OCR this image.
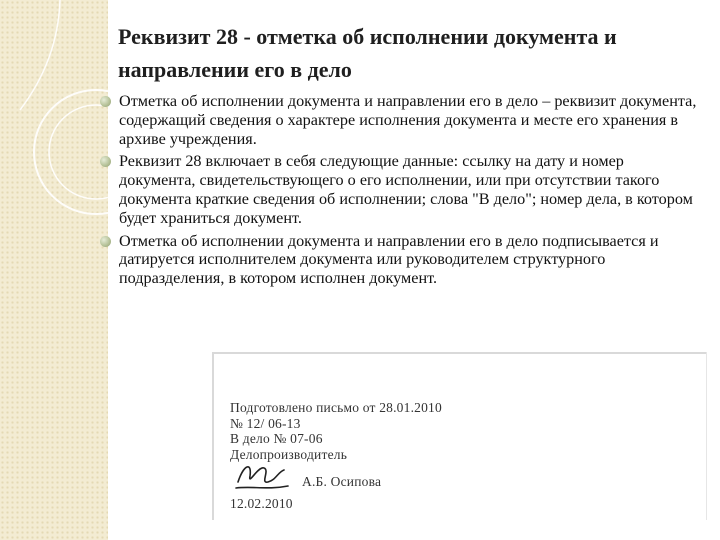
Реквизит 28 - отметка об исполнении документа и направлении его в дело
Отметка об исполнении документа и направлении его в дело – реквизит документа, содержащий сведения о характере исполнения документа и месте его хранения в архиве учреждения.
Реквизит 28 включает в себя следующие данные: ссылку на дату и номер документа, свидетельствующего о его исполнении, или при отсутствии такого документа краткие сведения об исполнении; слова "В дело"; номер дела, в котором будет храниться документ.
Отметка об исполнении документа и направлении его в дело подписывается и датируется исполнителем документа или руководителем структурного подразделения, в котором исполнен документ.
Подготовлено письмо от 28.01.2010
№ 12/ 06-13
В дело № 07-06
Делопроизводитель
А.Б. Осипова
12.02.2010
